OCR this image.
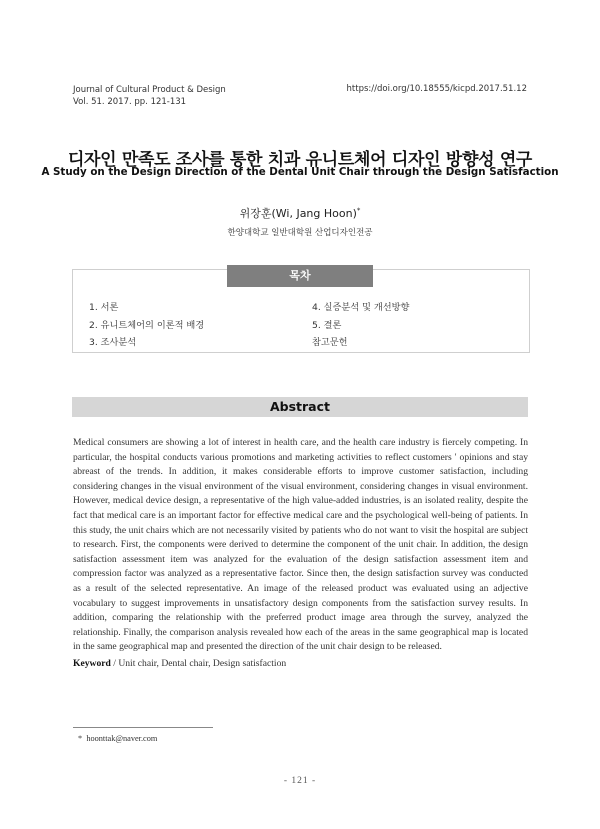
Journal of Cultural Product & Design
Vol. 51. 2017. pp. 121-131
https://doi.org/10.18555/kicpd.2017.51.12
디자인 만족도 조사를 통한 치과 유니트체어 디자인 방향성 연구
A Study on the Design Direction of the Dental Unit Chair through the Design Satisfaction
위장훈(Wi, Jang Hoon)*
한양대학교 일반대학원 산업디자인전공
목차
1. 서론
2. 유니트체어의 이론적 배경
3. 조사분석
4. 실증분석 및 개선방향
5. 결론
참고문헌
Abstract
Medical consumers are showing a lot of interest in health care, and the health care industry is fiercely competing. In particular, the hospital conducts various promotions and marketing activities to reflect customers ' opinions and stay abreast of the trends. In addition, it makes considerable efforts to improve customer satisfaction, including considering changes in the visual environment of the visual environment, considering changes in visual environment. However, medical device design, a representative of the high value-added industries, is an isolated reality, despite the fact that medical care is an important factor for effective medical care and the psychological well-being of patients. In this study, the unit chairs which are not necessarily visited by patients who do not want to visit the hospital are subject to research. First, the components were derived to determine the component of the unit chair. In addition, the design satisfaction assessment item was analyzed for the evaluation of the design satisfaction assessment item and compression factor was analyzed as a representative factor. Since then, the design satisfaction survey was conducted as a result of the selected representative. An image of the released product was evaluated using an adjective vocabulary to suggest improvements in unsatisfactory design components from the satisfaction survey results. In addition, comparing the relationship with the preferred product image area through the survey, analyzed the relationship. Finally, the comparison analysis revealed how each of the areas in the same geographical map is located in the same geographical map and presented the direction of the unit chair design to be released.
Keyword / Unit chair, Dental chair, Design satisfaction
* hoonttak@naver.com
- 121 -
